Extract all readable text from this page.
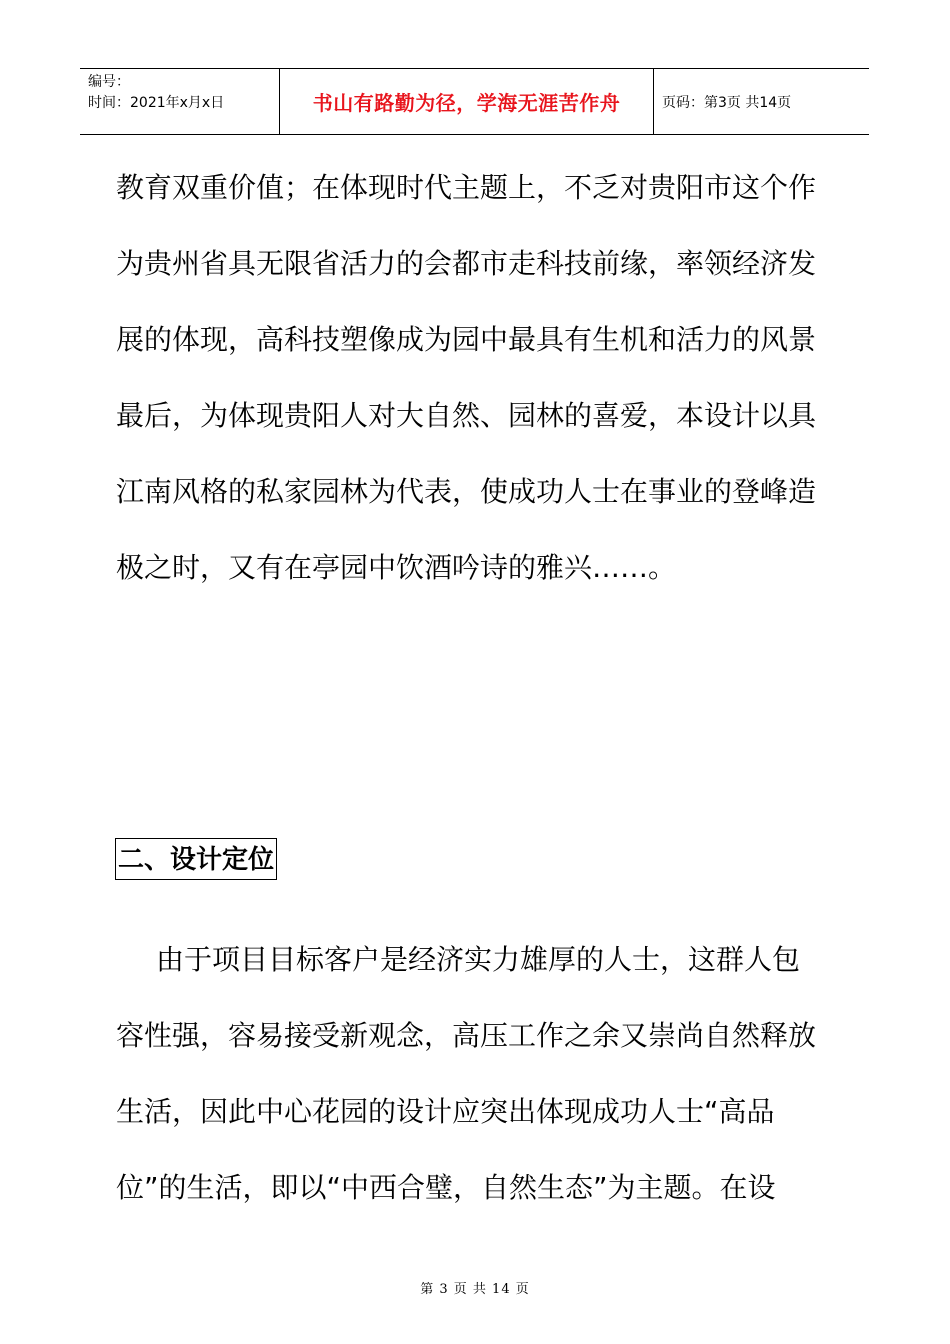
编号：
时间：2021年x月x日	书山有路勤为径，学海无涯苦作舟	页码：第3页 共14页
教育双重价值；在体现时代主题上，不乏对贵阳市这个作
为贵州省具无限省活力的会都市走科技前缘，率领经济发
展的体现，高科技塑像成为园中最具有生机和活力的风景
最后，为体现贵阳人对大自然、园林的喜爱，本设计以具
江南风格的私家园林为代表，使成功人士在事业的登峰造
极之时，又有在亭园中饮酒吟诗的雅兴……。
二、设计定位
由于项目目标客户是经济实力雄厚的人士，这群人包
容性强，容易接受新观念，高压工作之余又崇尚自然释放
生活，因此中心花园的设计应突出体现成功人士“高品
位”的生活，即以“中西合璧，自然生态”为主题。在设
第 3 页 共 14 页
